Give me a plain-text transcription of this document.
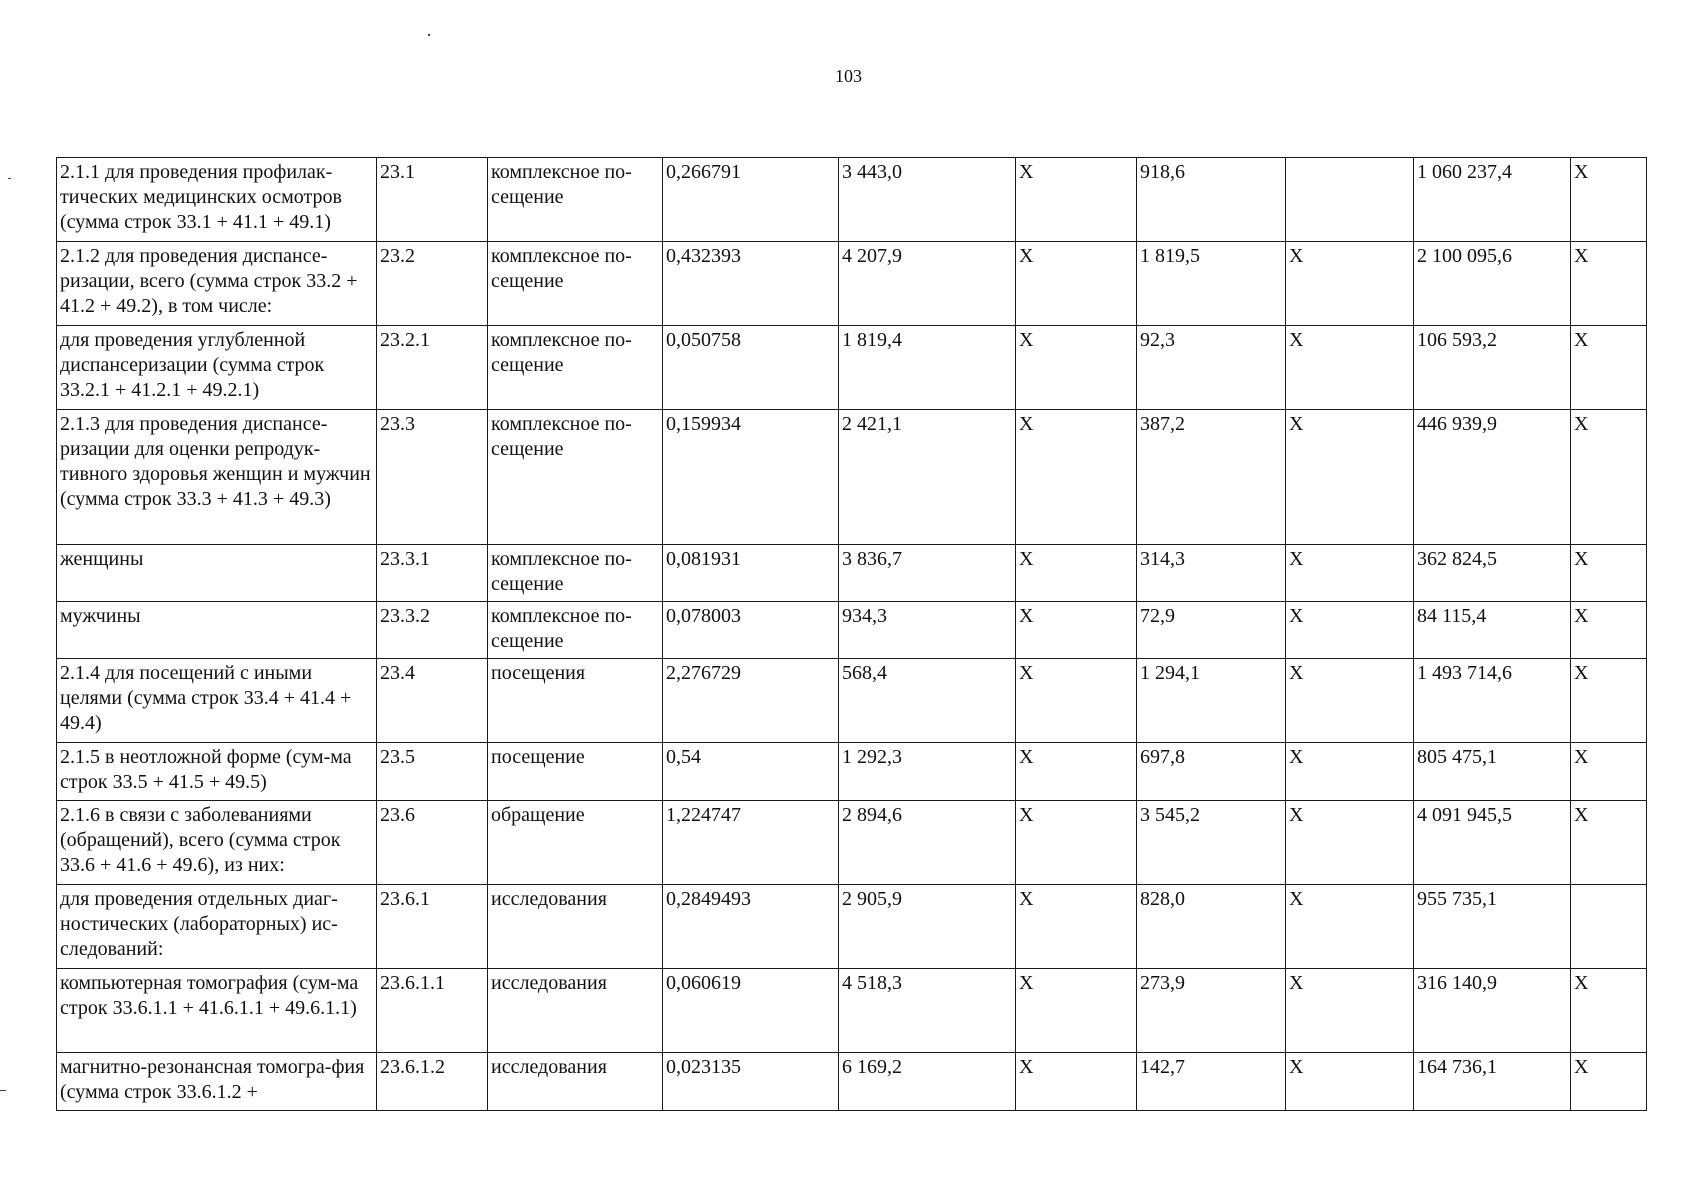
103
2.1.1 для проведения профилак-тических медицинских осмотров (сумма строк 33.1 + 41.1 + 49.1)	23.1	комплексное по-сещение	0,266791	3 443,0	Х	918,6		1 060 237,4	Х
2.1.2 для проведения диспансе-ризации, всего (сумма строк 33.2 + 41.2 + 49.2), в том числе:	23.2	комплексное по-сещение	0,432393	4 207,9	Х	1 819,5	Х	2 100 095,6	Х
для проведения углубленной диспансеризации (сумма строк 33.2.1 + 41.2.1 + 49.2.1)	23.2.1	комплексное по-сещение	0,050758	1 819,4	Х	92,3	Х	106 593,2	Х
2.1.3 для проведения диспансе-ризации для оценки репродук-тивного здоровья женщин и мужчин (сумма строк 33.3 + 41.3 + 49.3)	23.3	комплексное по-сещение	0,159934	2 421,1	Х	387,2	Х	446 939,9	Х
женщины	23.3.1	комплексное по-сещение	0,081931	3 836,7	Х	314,3	Х	362 824,5	Х
мужчины	23.3.2	комплексное по-сещение	0,078003	934,3	Х	72,9	Х	84 115,4	Х
2.1.4 для посещений с иными целями (сумма строк 33.4 + 41.4 + 49.4)	23.4	посещения	2,276729	568,4	Х	1 294,1	Х	1 493 714,6	Х
2.1.5 в неотложной форме (сум-ма строк 33.5 + 41.5 + 49.5)	23.5	посещение	0,54	1 292,3	Х	697,8	Х	805 475,1	Х
2.1.6 в связи с заболеваниями (обращений), всего (сумма строк 33.6 + 41.6 + 49.6), из них:	23.6	обращение	1,224747	2 894,6	Х	3 545,2	Х	4 091 945,5	Х
для проведения отдельных диаг-ностических (лабораторных) ис-следований:	23.6.1	исследования	0,2849493	2 905,9	Х	828,0	Х	955 735,1	
компьютерная томография (сум-ма строк 33.6.1.1 + 41.6.1.1 + 49.6.1.1)	23.6.1.1	исследования	0,060619	4 518,3	Х	273,9	Х	316 140,9	Х
магнитно-резонансная томогра-фия (сумма строк 33.6.1.2 +	23.6.1.2	исследования	0,023135	6 169,2	Х	142,7	Х	164 736,1	Х
